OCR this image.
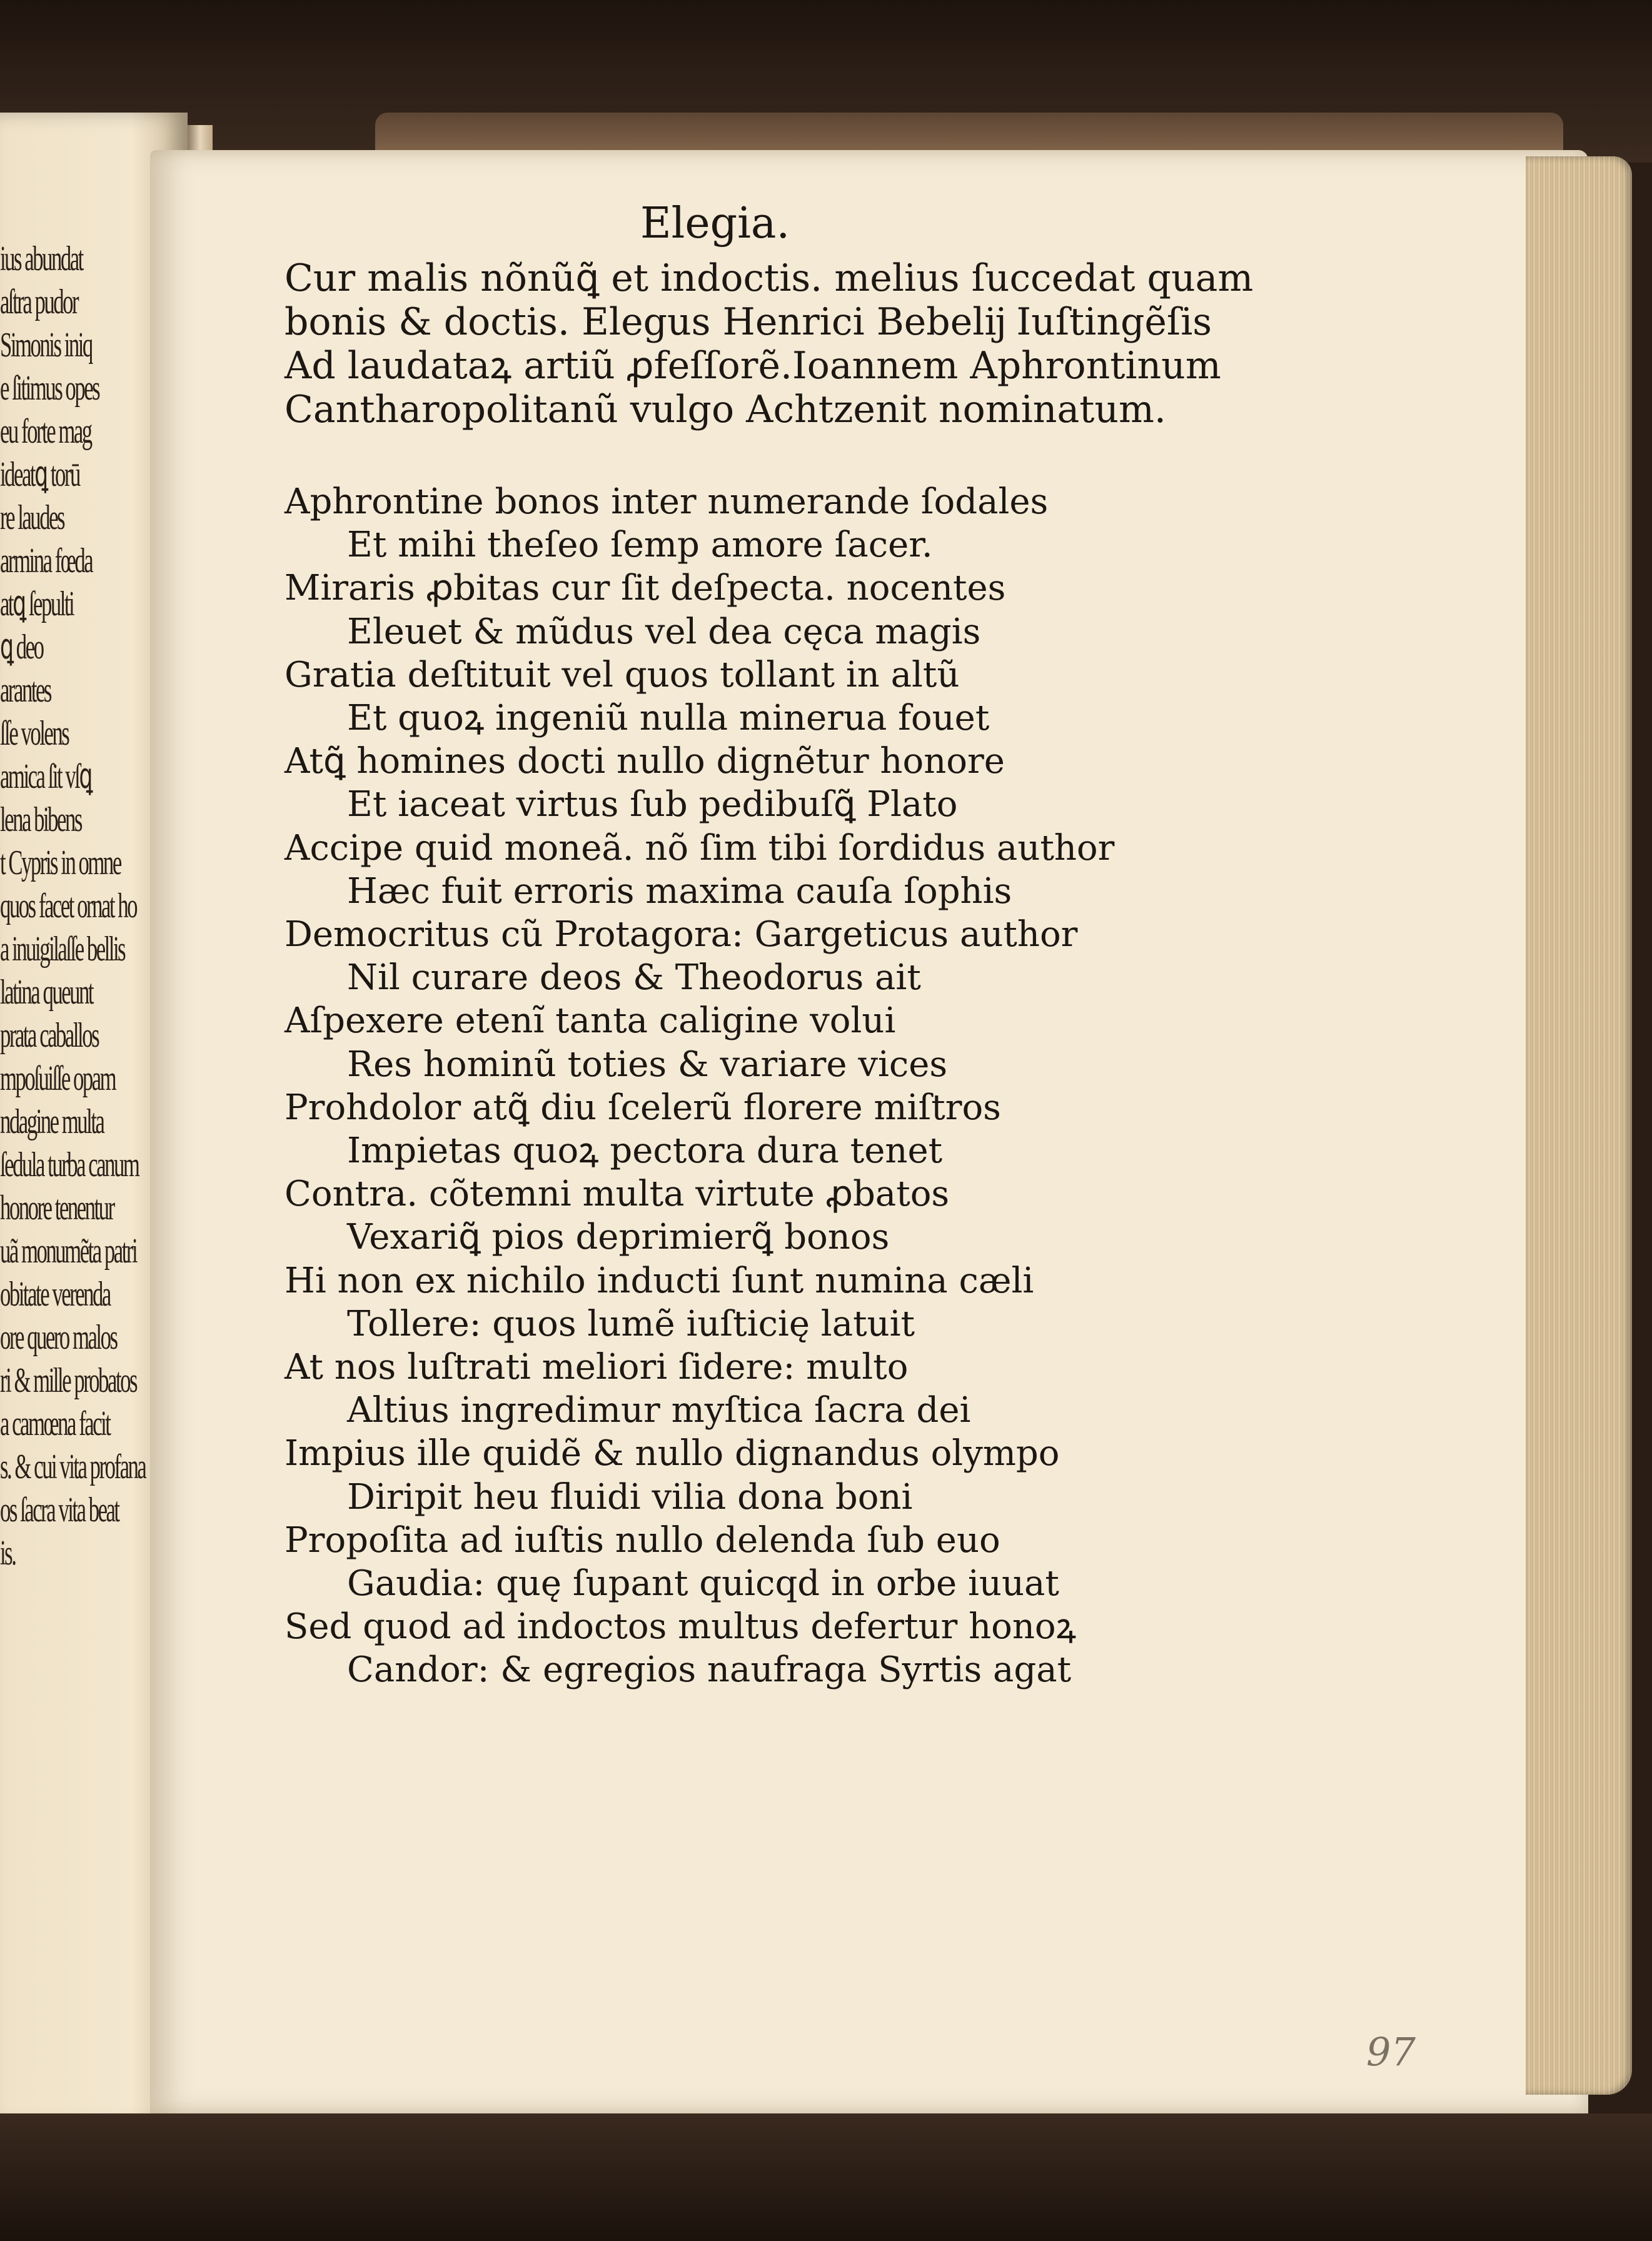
ius abundat
aſtra pudor
Simonis iniq
e ſitimus opes
eu forte mag
ideatꝗ torū
re laudes
armina fœda
atꝗ ſepulti
ꝗ deo
arantes
ſſe volens
amica ſit vſꝗ
lena bibens
t Cypris in omne
quos facet ornat ho
a inuigilaſſe bellis
latina queunt
prata caballos
mpoſuiſſe opam
ndagine multa
ſedula turba canum
honore tenentur
uã monumẽta patri
obitate verenda
ore quero malos
ri & mille probatos
a camœna facit
s. & cui vita profana
os ſacra vita beat
is.
Elegia.
Cur malis nõnũꝗ͂ et indoctis. melius ſuccedat quam
bonis & doctis. Elegus Henrici Bebelĳ Iuſtingẽſis
Ad laudataꝝ artiũ ꝓfeſſorẽ.Ioannem Aphrontinum
Cantharopolitanũ vulgo Achtzenit nominatum.
Aphrontine bonos inter numerande ſodales
Et mihi theſeo ſemp amore ſacer.
Miraris ꝓbitas cur ſit deſpecta. nocentes
Eleuet & mũdus vel dea cęca magis
Gratia deſtituit vel quos tollant in altũ
Et quoꝝ ingeniũ nulla minerua fouet
Atꝗ͂ homines docti nullo dignẽtur honore
Et iaceat virtus ſub pedibuſꝗ͂ Plato
Accipe quid moneã. nõ ſim tibi ſordidus author
Hæc fuit erroris maxima cauſa ſophis
Democritus cũ Protagora: Gargeticus author
Nil curare deos & Theodorus ait
Aſpexere etenĩ tanta caligine volui
Res hominũ toties & variare vices
Prohdolor atꝗ͂ diu ſcelerũ florere miſtros
Impietas quoꝝ pectora dura tenet
Contra. cõtemni multa virtute ꝓbatos
Vexariꝗ͂ pios deprimierꝗ͂ bonos
Hi non ex nichilo inducti ſunt numina cæli
Tollere: quos lumẽ iuſticię latuit
At nos luſtrati meliori ſidere: multo
Altius ingredimur myſtica ſacra dei
Impius ille quidẽ & nullo dignandus olympo
Diripit heu fluidi vilia dona boni
Propoſita ad iuſtis nullo delenda ſub euo
Gaudia: quę ſupant quicqd in orbe iuuat
Sed quod ad indoctos multus defertur honoꝝ
Candor: & egregios naufraga Syrtis agat
97
